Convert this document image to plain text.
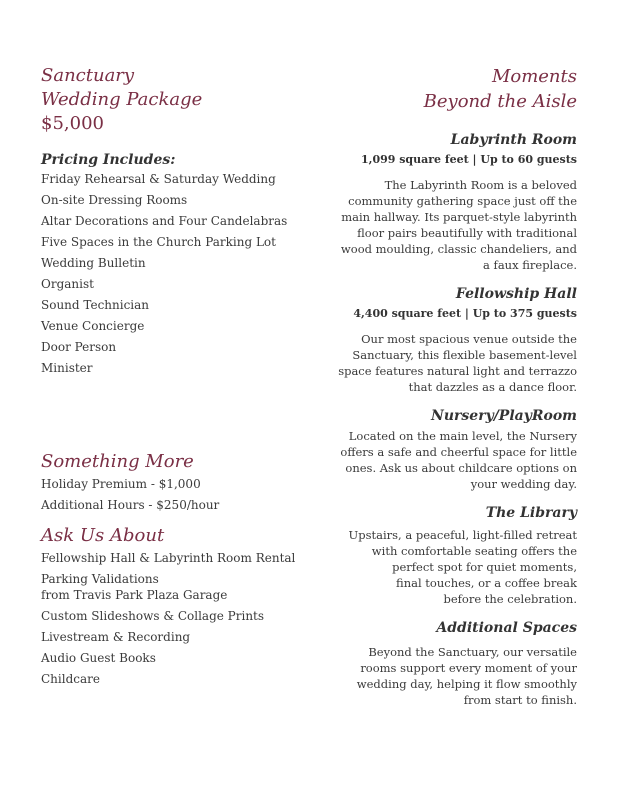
Sanctuary

Wedding Package

$5,000

Pricing Includes:

Friday Rehearsal & Saturday Wedding
On-site Dressing Rooms
Altar Decorations and Four Candelabras
Five Spaces in the Church Parking Lot
Wedding Bulletin
Organist
Sound Technician
Venue Concierge
Door Person
Minister

Something More

Holiday Premium - $1,000
Additional Hours - $250/hour

Ask Us About

Fellowship Hall & Labyrinth Room Rental
Parking Validations
from Travis Park Plaza Garage
Custom Slideshows & Collage Prints
Livestream & Recording
Audio Guest Books
Childcare

Moments

Beyond the Aisle

Labyrinth Room

1,099 square feet | Up to 60 guests

The Labyrinth Room is a beloved

community gathering space just off the

main hallway. Its parquet-style labyrinth

floor pairs beautifully with traditional

wood moulding, classic chandeliers, and

a faux fireplace.

Fellowship Hall

4,400 square feet | Up to 375 guests

Our most spacious venue outside the

Sanctuary, this flexible basement-level

space features natural light and terrazzo

that dazzles as a dance floor.

Nursery/PlayRoom

Located on the main level, the Nursery

offers a safe and cheerful space for little

ones. Ask us about childcare options on

your wedding day.

The Library

Upstairs, a peaceful, light-filled retreat

with comfortable seating offers the

perfect spot for quiet moments,

final touches, or a coffee break

before the celebration.

Additional Spaces

Beyond the Sanctuary, our versatile

rooms support every moment of your

wedding day, helping it flow smoothly

from start to finish.
